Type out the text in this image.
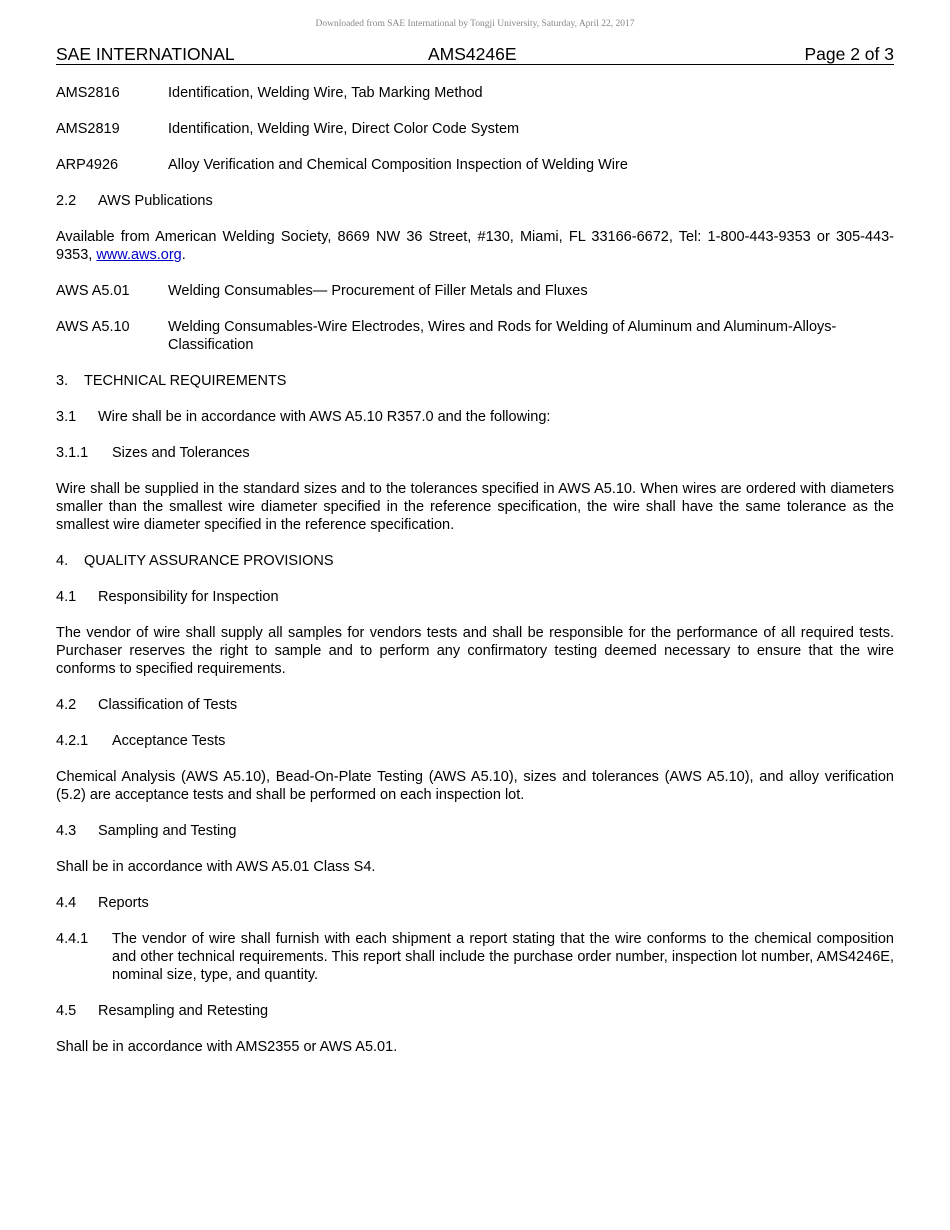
Downloaded from SAE International by Tongji University, Saturday, April 22, 2017
SAE INTERNATIONAL	AMS4246E	Page 2 of 3
AMS2816	Identification, Welding Wire, Tab Marking Method
AMS2819	Identification, Welding Wire, Direct Color Code System
ARP4926	Alloy Verification and Chemical Composition Inspection of Welding Wire
2.2	AWS Publications

Available from American Welding Society, 8669 NW 36 Street, #130, Miami, FL 33166-6672, Tel: 1-800-443-9353 or 305-443-9353, www.aws.org.

AWS A5.01	Welding Consumables— Procurement of Filler Metals and Fluxes
AWS A5.10	Welding Consumables-Wire Electrodes, Wires and Rods for Welding of Aluminum and Aluminum-Alloys-Classification
3.	TECHNICAL REQUIREMENTS
3.1	Wire shall be in accordance with AWS A5.10 R357.0 and the following:
3.1.1	Sizes and Tolerances

Wire shall be supplied in the standard sizes and to the tolerances specified in AWS A5.10. When wires are ordered with diameters smaller than the smallest wire diameter specified in the reference specification, the wire shall have the same tolerance as the smallest wire diameter specified in the reference specification.

4.	QUALITY ASSURANCE PROVISIONS
4.1	Responsibility for Inspection

The vendor of wire shall supply all samples for vendors tests and shall be responsible for the performance of all required tests. Purchaser reserves the right to sample and to perform any confirmatory testing deemed necessary to ensure that the wire conforms to specified requirements.

4.2	Classification of Tests
4.2.1	Acceptance Tests

Chemical Analysis (AWS A5.10), Bead-On-Plate Testing (AWS A5.10), sizes and tolerances (AWS A5.10), and alloy verification (5.2) are acceptance tests and shall be performed on each inspection lot.

4.3	Sampling and Testing

Shall be in accordance with AWS A5.01 Class S4.

4.4	Reports
4.4.1	The vendor of wire shall furnish with each shipment a report stating that the wire conforms to the chemical composition and other technical requirements. This report shall include the purchase order number, inspection lot number, AMS4246E, nominal size, type, and quantity.
4.5	Resampling and Retesting

Shall be in accordance with AMS2355 or AWS A5.01.
